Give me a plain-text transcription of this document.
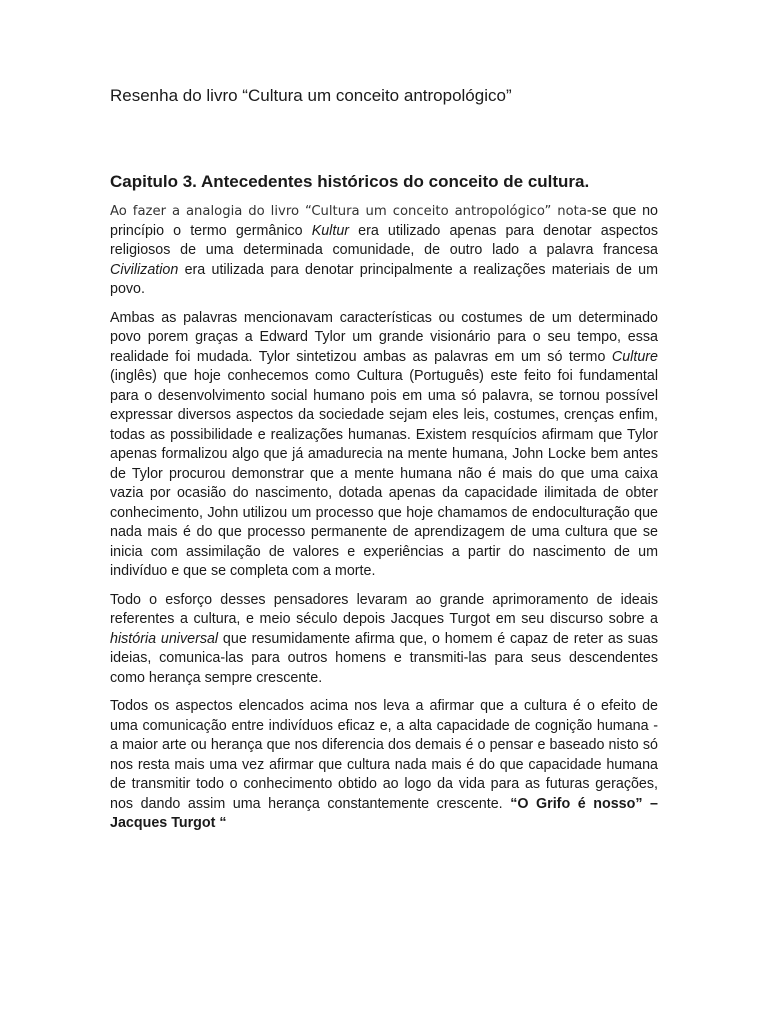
Resenha do livro “Cultura um conceito antropológico”
Capitulo 3. Antecedentes históricos do conceito de cultura.

Ao fazer a analogia do livro “Cultura um conceito antropológico” nota-se que no princípio o termo germânico Kultur era utilizado apenas para denotar aspectos religiosos de uma determinada comunidade, de outro lado a palavra francesa Civilization era utilizada para denotar principalmente a realizações materiais de um povo.

Ambas as palavras mencionavam características ou costumes de um determinado povo porem graças a Edward Tylor um grande visionário para o seu tempo, essa realidade foi mudada. Tylor sintetizou ambas as palavras em um só termo Culture (inglês) que hoje conhecemos como Cultura (Português) este feito foi fundamental para o desenvolvimento social humano pois em uma só palavra, se tornou possível expressar diversos aspectos da sociedade sejam eles leis, costumes, crenças enfim, todas as possibilidade e realizações humanas. Existem resquícios afirmam que Tylor apenas formalizou algo que já amadurecia na mente humana, John Locke bem antes de Tylor procurou demonstrar que a mente humana não é mais do que uma caixa vazia por ocasião do nascimento, dotada apenas da capacidade ilimitada de obter conhecimento, John utilizou um processo que hoje chamamos de endoculturação que nada mais é do que processo permanente de aprendizagem de uma cultura que se inicia com assimilação de valores e experiências a partir do nascimento de um indivíduo e que se completa com a morte.

Todo o esforço desses pensadores levaram ao grande aprimoramento de ideais referentes a cultura, e meio século depois Jacques Turgot em seu discurso sobre a história universal que resumidamente afirma que, o homem é capaz de reter as suas ideias, comunica-las para outros homens e transmiti-las para seus descendentes como herança sempre crescente.

Todos os aspectos elencados acima nos leva a afirmar que a cultura é o efeito de uma comunicação entre indivíduos eficaz e, a alta capacidade de cognição humana - a maior arte ou herança que nos diferencia dos demais é o pensar e baseado nisto só nos resta mais uma vez afirmar que cultura nada mais é do que capacidade humana de transmitir todo o conhecimento obtido ao logo da vida para as futuras gerações, nos dando assim uma herança constantemente crescente. “O Grifo é nosso” – Jacques Turgot “
